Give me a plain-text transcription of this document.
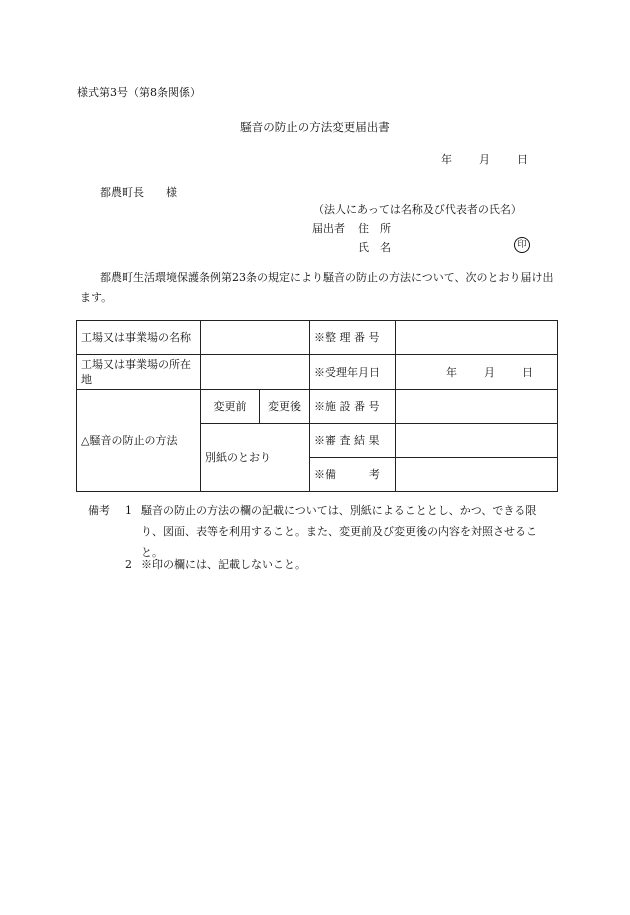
様式第3号（第8条関係）
騒音の防止の方法変更届出書
年 月 日
都農町長　　様
（法人にあっては名称及び代表者の氏名）
届出者 住　所
氏　名	印
都農町生活環境保護条例第23条の規定により騒音の防止の方法について、次のとおり届け出ます。
工場又は事業場の名称			※整 理 番 号	
工場又は事業場の所在地			※受理年月日	年 月 日
△騒音の防止の方法	変更前	変更後	※施 設 番 号	
	別紙のとおり		※審 査 結 果	
			※備　　　考	
備考 1 騒音の防止の方法の欄の記載については、別紙によることとし、かつ、できる限り、図面、表等を利用すること。また、変更前及び変更後の内容を対照させること。
2 ※印の欄には、記載しないこと。
